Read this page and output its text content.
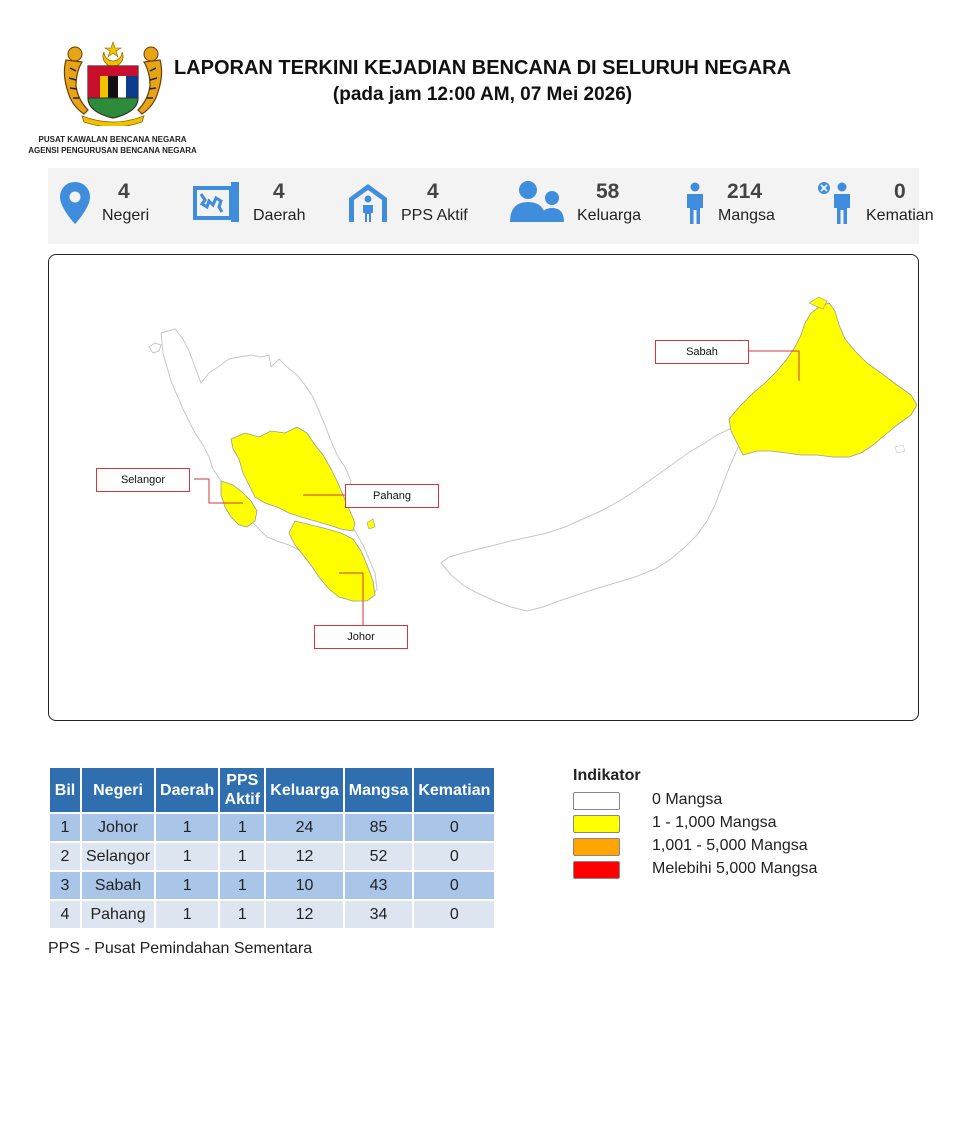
PUSAT KAWALAN BENCANA NEGARA
AGENSI PENGURUSAN BENCANA NEGARA
LAPORAN TERKINI KEJADIAN BENCANA DI SELURUH NEGARA
(pada jam 12:00 AM, 07 Mei 2026)
4
Negeri
4
Daerah
4
PPS Aktif
58
Keluarga
214
Mangsa
0
Kematian
Sabah
Selangor
Pahang
Johor
Bil	Negeri	Daerah	PPS Aktif	Keluarga	Mangsa	Kematian
1	Johor	1	1	24	85	0
2	Selangor	1	1	12	52	0
3	Sabah	1	1	10	43	0
4	Pahang	1	1	12	34	0
PPS - Pusat Pemindahan Sementara
Indikator
0 Mangsa
1 - 1,000 Mangsa
1,001 - 5,000 Mangsa
Melebihi 5,000 Mangsa
